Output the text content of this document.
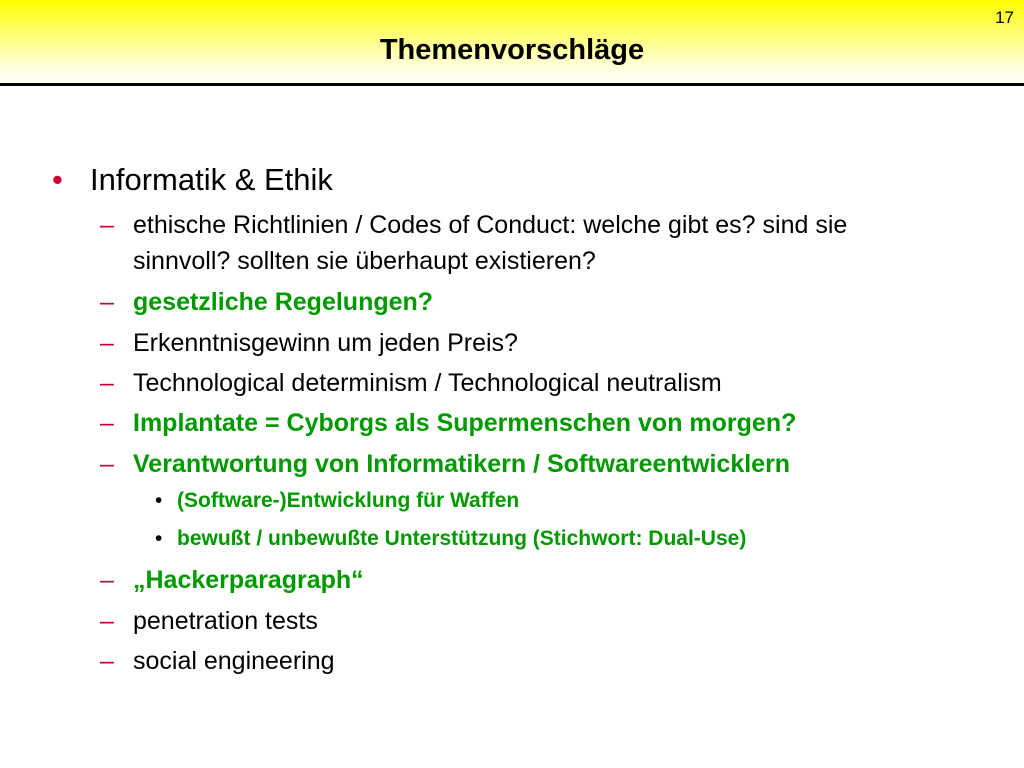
17
Themenvorschläge
• Informatik & Ethik
– ethische Richtlinien / Codes of Conduct: welche gibt es? sind sie
sinnvoll? sollten sie überhaupt existieren?
– gesetzliche Regelungen?
– Erkenntnisgewinn um jeden Preis?
– Technological determinism / Technological neutralism
– Implantate = Cyborgs als Supermenschen von morgen?
– Verantwortung von Informatikern / Softwareentwicklern
• (Software-)Entwicklung für Waffen
• bewußt / unbewußte Unterstützung (Stichwort: Dual-Use)
– „Hackerparagraph“
– penetration tests
– social engineering
